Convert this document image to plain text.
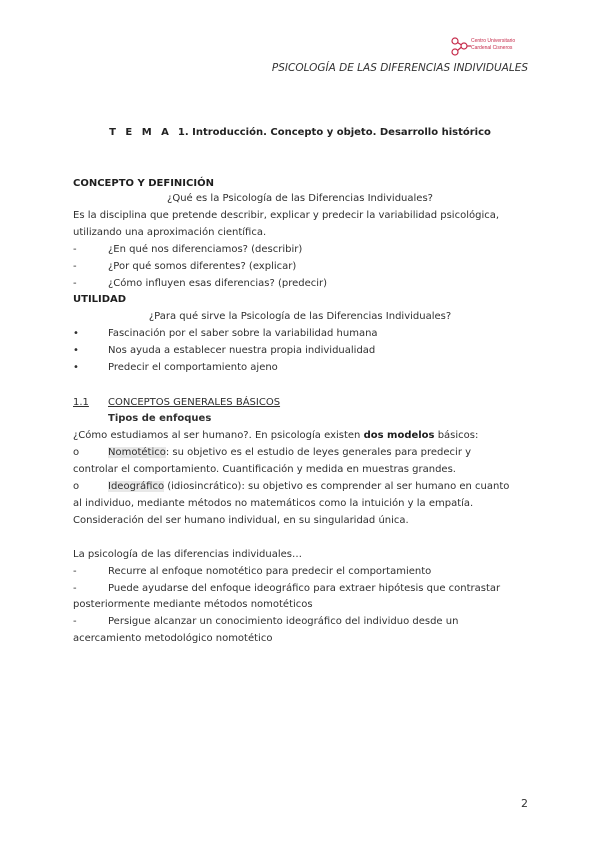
Centro Universitario
Cardenal Cisneros
PSICOLOGÍA DE LAS DIFERENCIAS INDIVIDUALES
T E M A 1. Introducción. Concepto y objeto. Desarrollo histórico
CONCEPTO Y DEFINICIÓN
¿Qué es la Psicología de las Diferencias Individuales?
Es la disciplina que pretende describir, explicar y predecir la variabilidad psicológica,
utilizando una aproximación científica.
-	¿En qué nos diferenciamos? (describir)
-	¿Por qué somos diferentes? (explicar)
-	¿Cómo influyen esas diferencias? (predecir)
UTILIDAD
¿Para qué sirve la Psicología de las Diferencias Individuales?
•	Fascinación por el saber sobre la variabilidad humana
•	Nos ayuda a establecer nuestra propia individualidad
•	Predecir el comportamiento ajeno
1.1 CONCEPTOS GENERALES BÁSICOS
Tipos de enfoques
¿Cómo estudiamos al ser humano?. En psicología existen dos modelos básicos:
o	Nomotético: su objetivo es el estudio de leyes generales para predecir y
controlar el comportamiento. Cuantificación y medida en muestras grandes.
o	Ideográfico (idiosincrático): su objetivo es comprender al ser humano en cuanto
al individuo, mediante métodos no matemáticos como la intuición y la empatía.
Consideración del ser humano individual, en su singularidad única.
La psicología de las diferencias individuales…
-	Recurre al enfoque nomotético para predecir el comportamiento
-	Puede ayudarse del enfoque ideográfico para extraer hipótesis que contrastar
posteriormente mediante métodos nomotéticos
-	Persigue alcanzar un conocimiento ideográfico del individuo desde un
acercamiento metodológico nomotético
2
